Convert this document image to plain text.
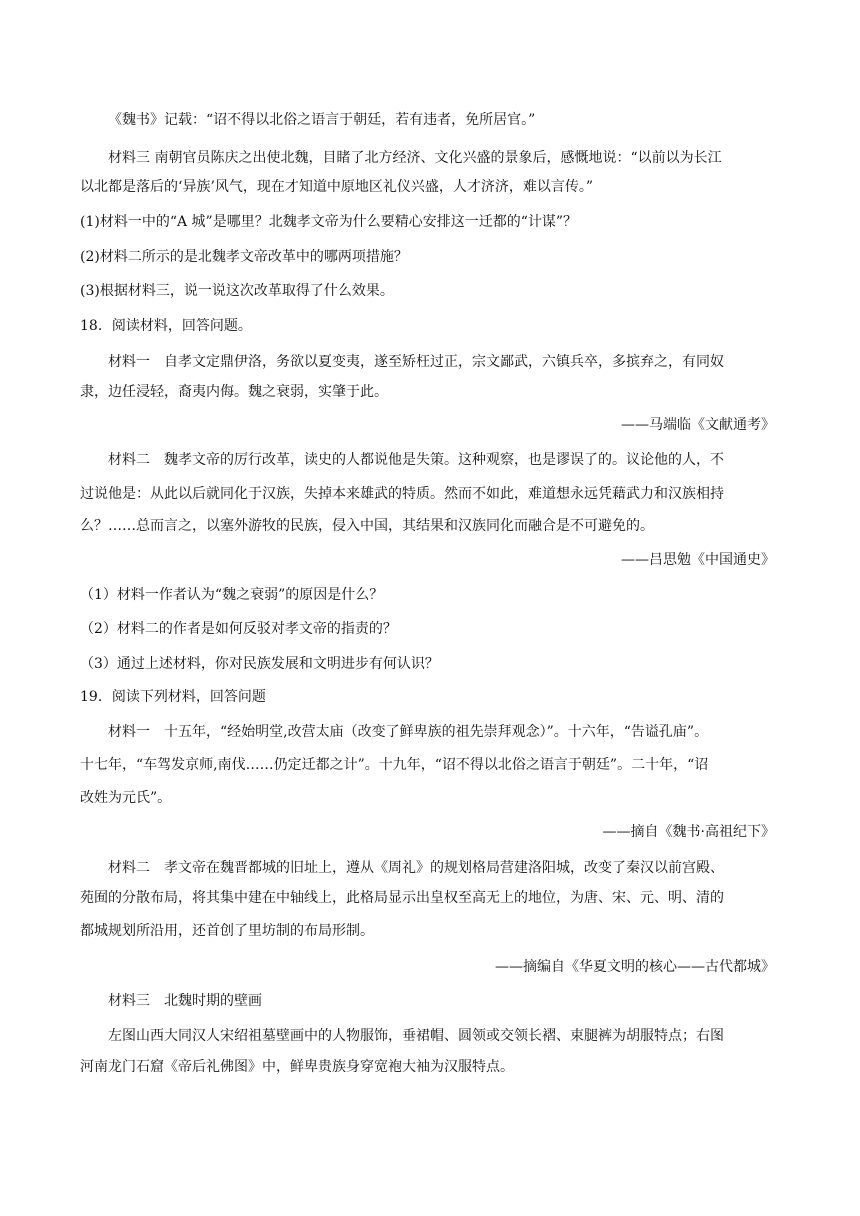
《魏书》记载：“诏不得以北俗之语言于朝廷，若有违者，免所居官。”
材料三 南朝官员陈庆之出使北魏，目睹了北方经济、文化兴盛的景象后，感慨地说：“以前以为长江
以北都是落后的‘异族’风气，现在才知道中原地区礼仪兴盛，人才济济，难以言传。”
(1)材料一中的“A 城”是哪里？北魏孝文帝为什么要精心安排这一迁都的“计谋”？
(2)材料二所示的是北魏孝文帝改革中的哪两项措施？
(3)根据材料三，说一说这次改革取得了什么效果。
18．阅读材料，回答问题。
材料一　自孝文定鼎伊洛，务欲以夏变夷，遂至矫枉过正，宗文鄙武，六镇兵卒，多摈弃之，有同奴
隶，边任浸轻，裔夷内侮。魏之衰弱，实肇于此。
——马端临《文献通考》
材料二　魏孝文帝的厉行改革，读史的人都说他是失策。这种观察，也是谬误了的。议论他的人，不
过说他是：从此以后就同化于汉族，失掉本来雄武的特质。然而不如此，难道想永远凭藉武力和汉族相持
么？……总而言之，以塞外游牧的民族，侵入中国，其结果和汉族同化而融合是不可避免的。
——吕思勉《中国通史》
（1）材料一作者认为“魏之衰弱”的原因是什么？
（2）材料二的作者是如何反驳对孝文帝的指责的？
（3）通过上述材料，你对民族发展和文明进步有何认识？
19．阅读下列材料，回答问题
材料一　十五年，“经始明堂,改营太庙（改变了鲜卑族的祖先崇拜观念）”。十六年，“告谥孔庙”。
十七年，“车驾发京师,南伐……仍定迁都之计”。十九年，“诏不得以北俗之语言于朝廷”。二十年，“诏
改姓为元氏”。
——摘自《魏书·高祖纪下》
材料二　孝文帝在魏晋都城的旧址上，遵从《周礼》的规划格局营建洛阳城，改变了秦汉以前宫殿、
苑囿的分散布局，将其集中建在中轴线上，此格局显示出皇权至高无上的地位，为唐、宋、元、明、清的
都城规划所沿用，还首创了里坊制的布局形制。
——摘编自《华夏文明的核心——古代都城》
材料三　北魏时期的壁画
左图山西大同汉人宋绍祖墓壁画中的人物服饰，垂裙帽、圆领或交领长褶、束腿裤为胡服特点；右图
河南龙门石窟《帝后礼佛图》中，鲜卑贵族身穿宽袍大袖为汉服特点。
